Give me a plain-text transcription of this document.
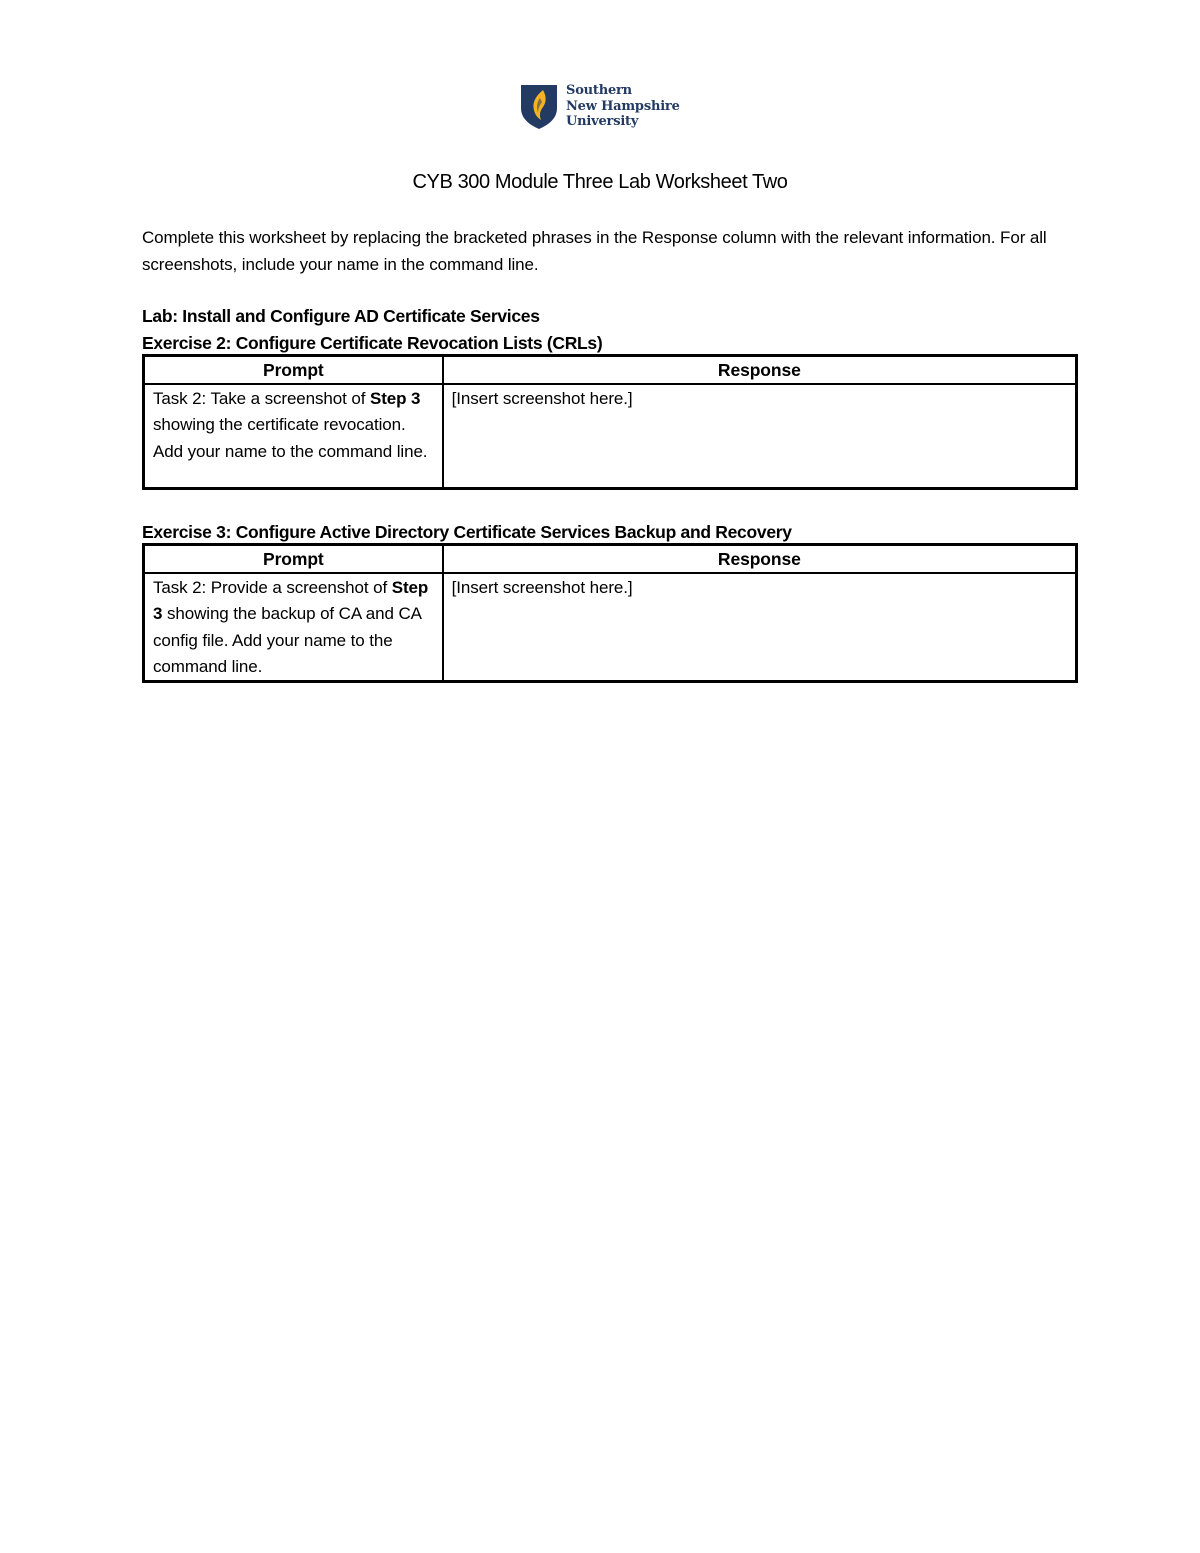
Southern
New Hampshire
University
CYB 300 Module Three Lab Worksheet Two
Complete this worksheet by replacing the bracketed phrases in the Response column with the relevant information. For all screenshots, include your name in the command line.
Lab: Install and Configure AD Certificate Services
Exercise 2: Configure Certificate Revocation Lists (CRLs)
Prompt	Response
Task 2: Take a screenshot of Step 3 showing the certificate revocation. Add your name to the command line.	[Insert screenshot here.]
Exercise 3: Configure Active Directory Certificate Services Backup and Recovery
Prompt	Response
Task 2: Provide a screenshot of Step 3 showing the backup of CA and CA config file. Add your name to the command line.	[Insert screenshot here.]
